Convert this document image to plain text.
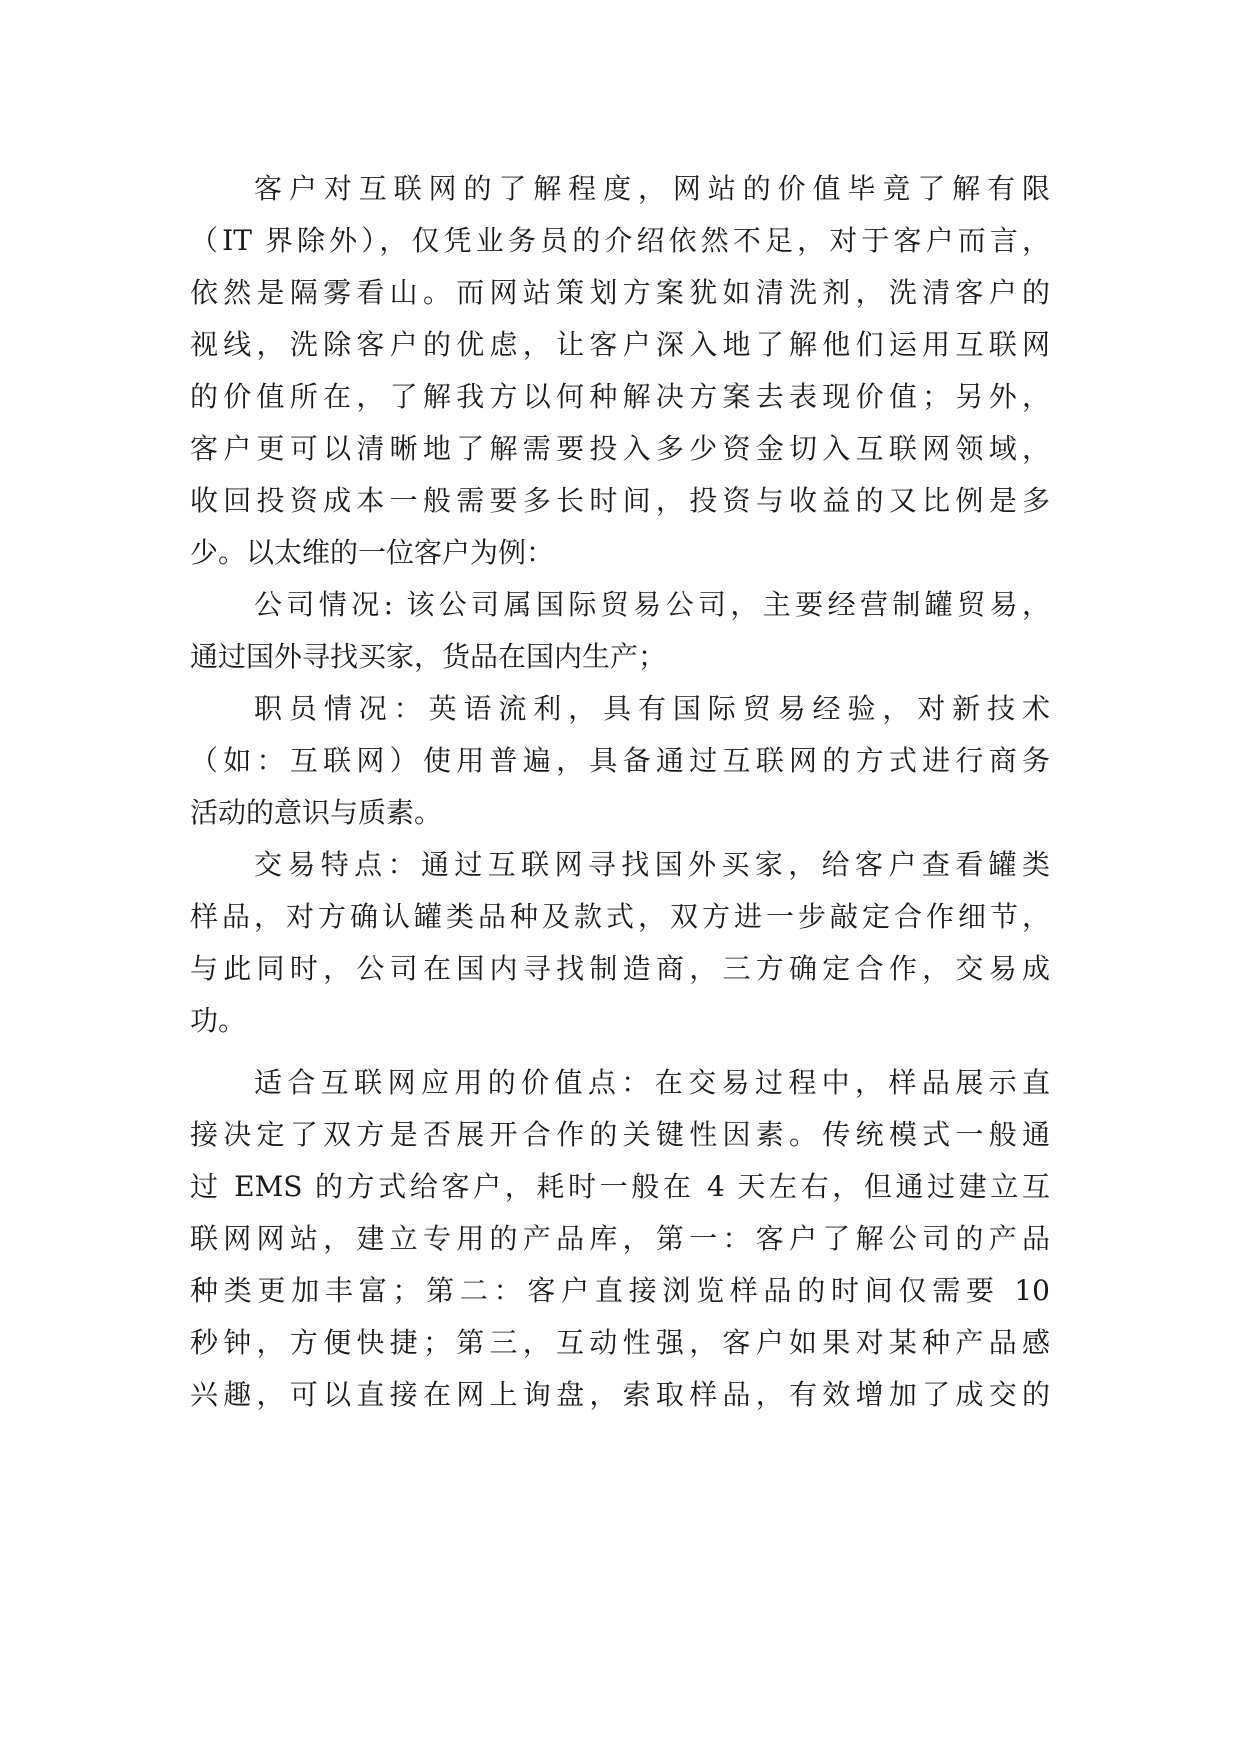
客户对互联网的了解程度，网站的价值毕竟了解有限
（IT 界除外），仅凭业务员的介绍依然不足，对于客户而言，
依然是隔雾看山。而网站策划方案犹如清洗剂，洗清客户的
视线，洗除客户的优虑，让客户深入地了解他们运用互联网
的价值所在，了解我方以何种解决方案去表现价值；另外，
客户更可以清晰地了解需要投入多少资金切入互联网领域，
收回投资成本一般需要多长时间，投资与收益的又比例是多
少。以太维的一位客户为例：
公司情况: 该公司属国际贸易公司，主要经营制罐贸易，
通过国外寻找买家，货品在国内生产；
职员情况：英语流利，具有国际贸易经验，对新技术
（如：互联网）使用普遍，具备通过互联网的方式进行商务
活动的意识与质素。
交易特点：通过互联网寻找国外买家，给客户查看罐类
样品，对方确认罐类品种及款式，双方进一步敲定合作细节，
与此同时，公司在国内寻找制造商，三方确定合作，交易成
功。
适合互联网应用的价值点：在交易过程中，样品展示直
接决定了双方是否展开合作的关键性因素。传统模式一般通
过 EMS 的方式给客户，耗时一般在 4 天左右，但通过建立互
联网网站，建立专用的产品库，第一：客户了解公司的产品
种类更加丰富；第二：客户直接浏览样品的时间仅需要 10
秒钟，方便快捷；第三，互动性强，客户如果对某种产品感
兴趣，可以直接在网上询盘，索取样品，有效增加了成交的
